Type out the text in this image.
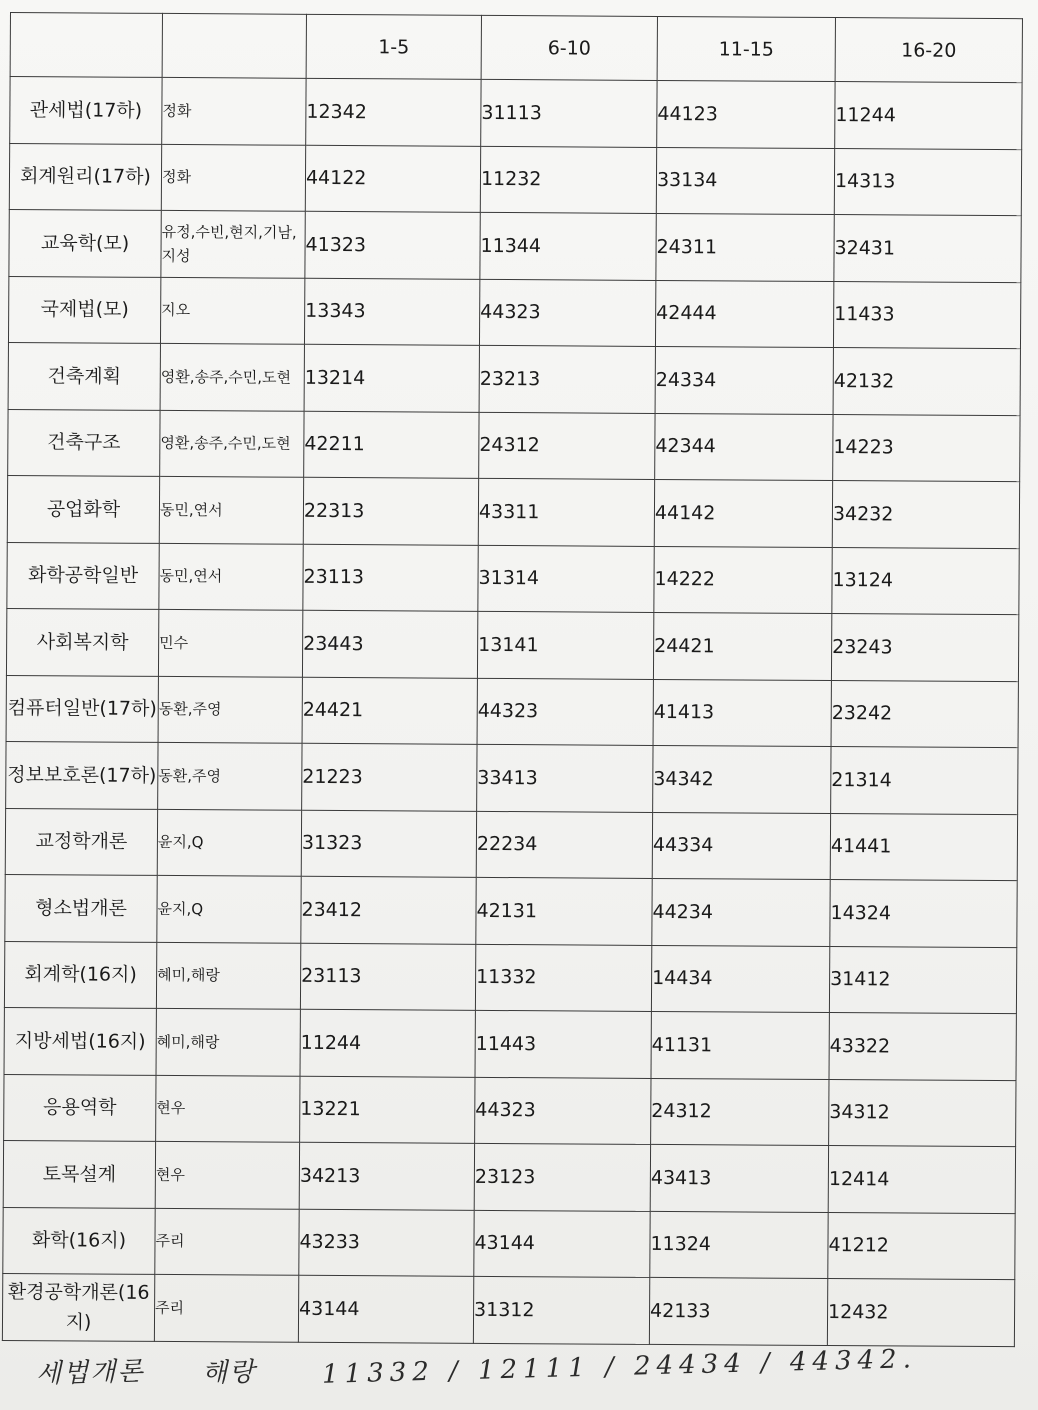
		1-5	6-10	11-15	16-20
관세법(17하)	정화	12342	31113	44123	11244
회계원리(17하)	정화	44122	11232	33134	14313
교육학(모)	유정,수빈,현지,기남,지성	41323	11344	24311	32431
국제법(모)	지오	13343	44323	42444	11433
건축계획	영환,송주,수민,도현	13214	23213	24334	42132
건축구조	영환,송주,수민,도현	42211	24312	42344	14223
공업화학	동민,연서	22313	43311	44142	34232
화학공학일반	동민,연서	23113	31314	14222	13124
사회복지학	민수	23443	13141	24421	23243
컴퓨터일반(17하)	동환,주영	24421	44323	41413	23242
정보보호론(17하)	동환,주영	21223	33413	34342	21314
교정학개론	윤지,Q	31323	22234	44334	41441
형소법개론	윤지,Q	23412	42131	44234	14324
회계학(16지)	혜미,해랑	23113	11332	14434	31412
지방세법(16지)	혜미,해랑	11244	11443	41131	43322
응용역학	현우	13221	44323	24312	34312
토목설계	현우	34213	23123	43413	12414
화학(16지)	주리	43233	43144	11324	41212
환경공학개론(16지)	주리	43144	31312	42133	12432
세법개론 해랑	11332 / 12111 / 24434 / 44342.
